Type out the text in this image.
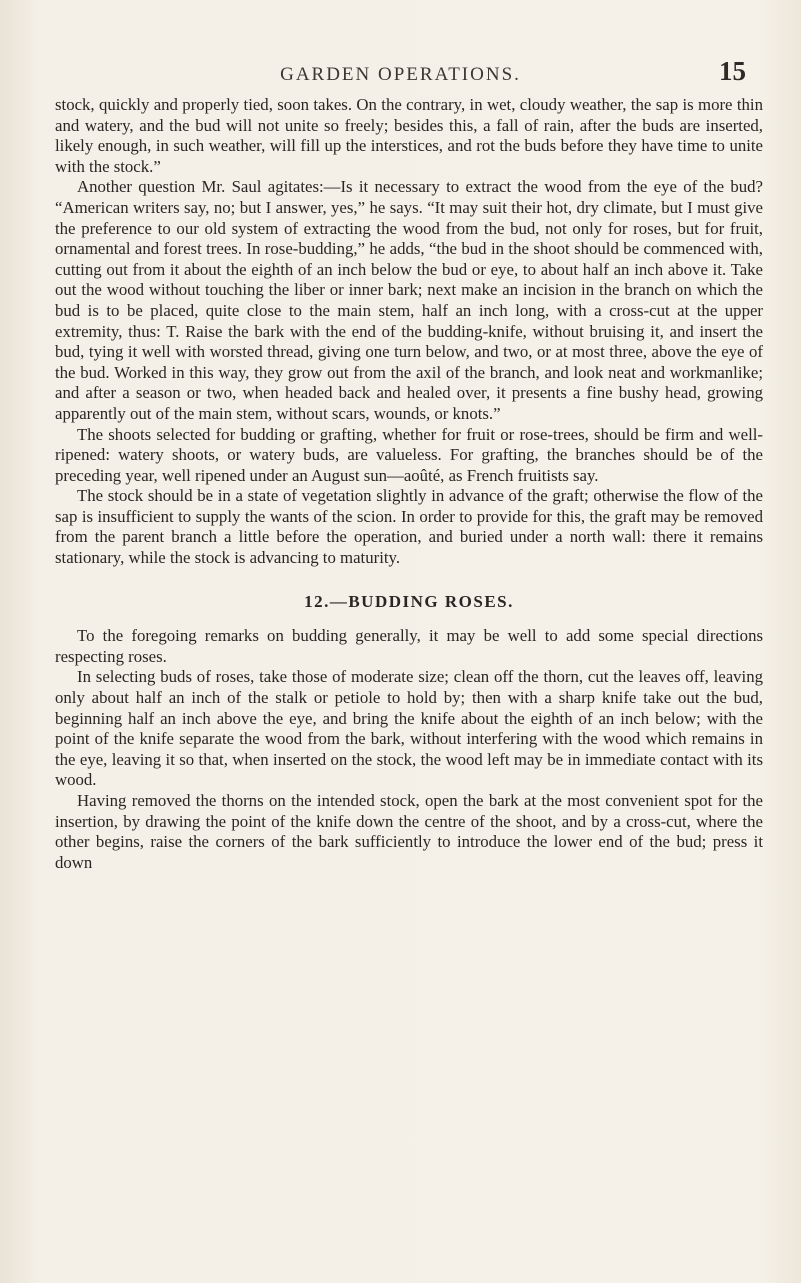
GARDEN OPERATIONS.	15

stock, quickly and properly tied, soon takes. On the contrary, in wet, cloudy weather, the sap is more thin and watery, and the bud will not unite so freely; besides this, a fall of rain, after the buds are inserted, likely enough, in such weather, will fill up the interstices, and rot the buds before they have time to unite with the stock.”

Another question Mr. Saul agitates:—Is it necessary to extract the wood from the eye of the bud? “American writers say, no; but I answer, yes,” he says. “It may suit their hot, dry climate, but I must give the preference to our old system of extracting the wood from the bud, not only for roses, but for fruit, ornamental and forest trees. In rose-budding,” he adds, “the bud in the shoot should be commenced with, cutting out from it about the eighth of an inch below the bud or eye, to about half an inch above it. Take out the wood without touching the liber or inner bark; next make an incision in the branch on which the bud is to be placed, quite close to the main stem, half an inch long, with a cross-cut at the upper extremity, thus: T. Raise the bark with the end of the budding-knife, without bruising it, and insert the bud, tying it well with worsted thread, giving one turn below, and two, or at most three, above the eye of the bud. Worked in this way, they grow out from the axil of the branch, and look neat and workmanlike; and after a season or two, when headed back and healed over, it presents a fine bushy head, growing apparently out of the main stem, without scars, wounds, or knots.”

The shoots selected for budding or grafting, whether for fruit or rose-trees, should be firm and well-ripened: watery shoots, or watery buds, are valueless. For grafting, the branches should be of the preceding year, well ripened under an August sun—aoûté, as French fruitists say.

The stock should be in a state of vegetation slightly in advance of the graft; otherwise the flow of the sap is insufficient to supply the wants of the scion. In order to provide for this, the graft may be removed from the parent branch a little before the operation, and buried under a north wall: there it remains stationary, while the stock is advancing to maturity.

12.—BUDDING ROSES.

To the foregoing remarks on budding generally, it may be well to add some special directions respecting roses.

In selecting buds of roses, take those of moderate size; clean off the thorn, cut the leaves off, leaving only about half an inch of the stalk or petiole to hold by; then with a sharp knife take out the bud, beginning half an inch above the eye, and bring the knife about the eighth of an inch below; with the point of the knife separate the wood from the bark, without interfering with the wood which remains in the eye, leaving it so that, when inserted on the stock, the wood left may be in immediate contact with its wood.

Having removed the thorns on the intended stock, open the bark at the most convenient spot for the insertion, by drawing the point of the knife down the centre of the shoot, and by a cross-cut, where the other begins, raise the corners of the bark sufficiently to introduce the lower end of the bud; press it down
